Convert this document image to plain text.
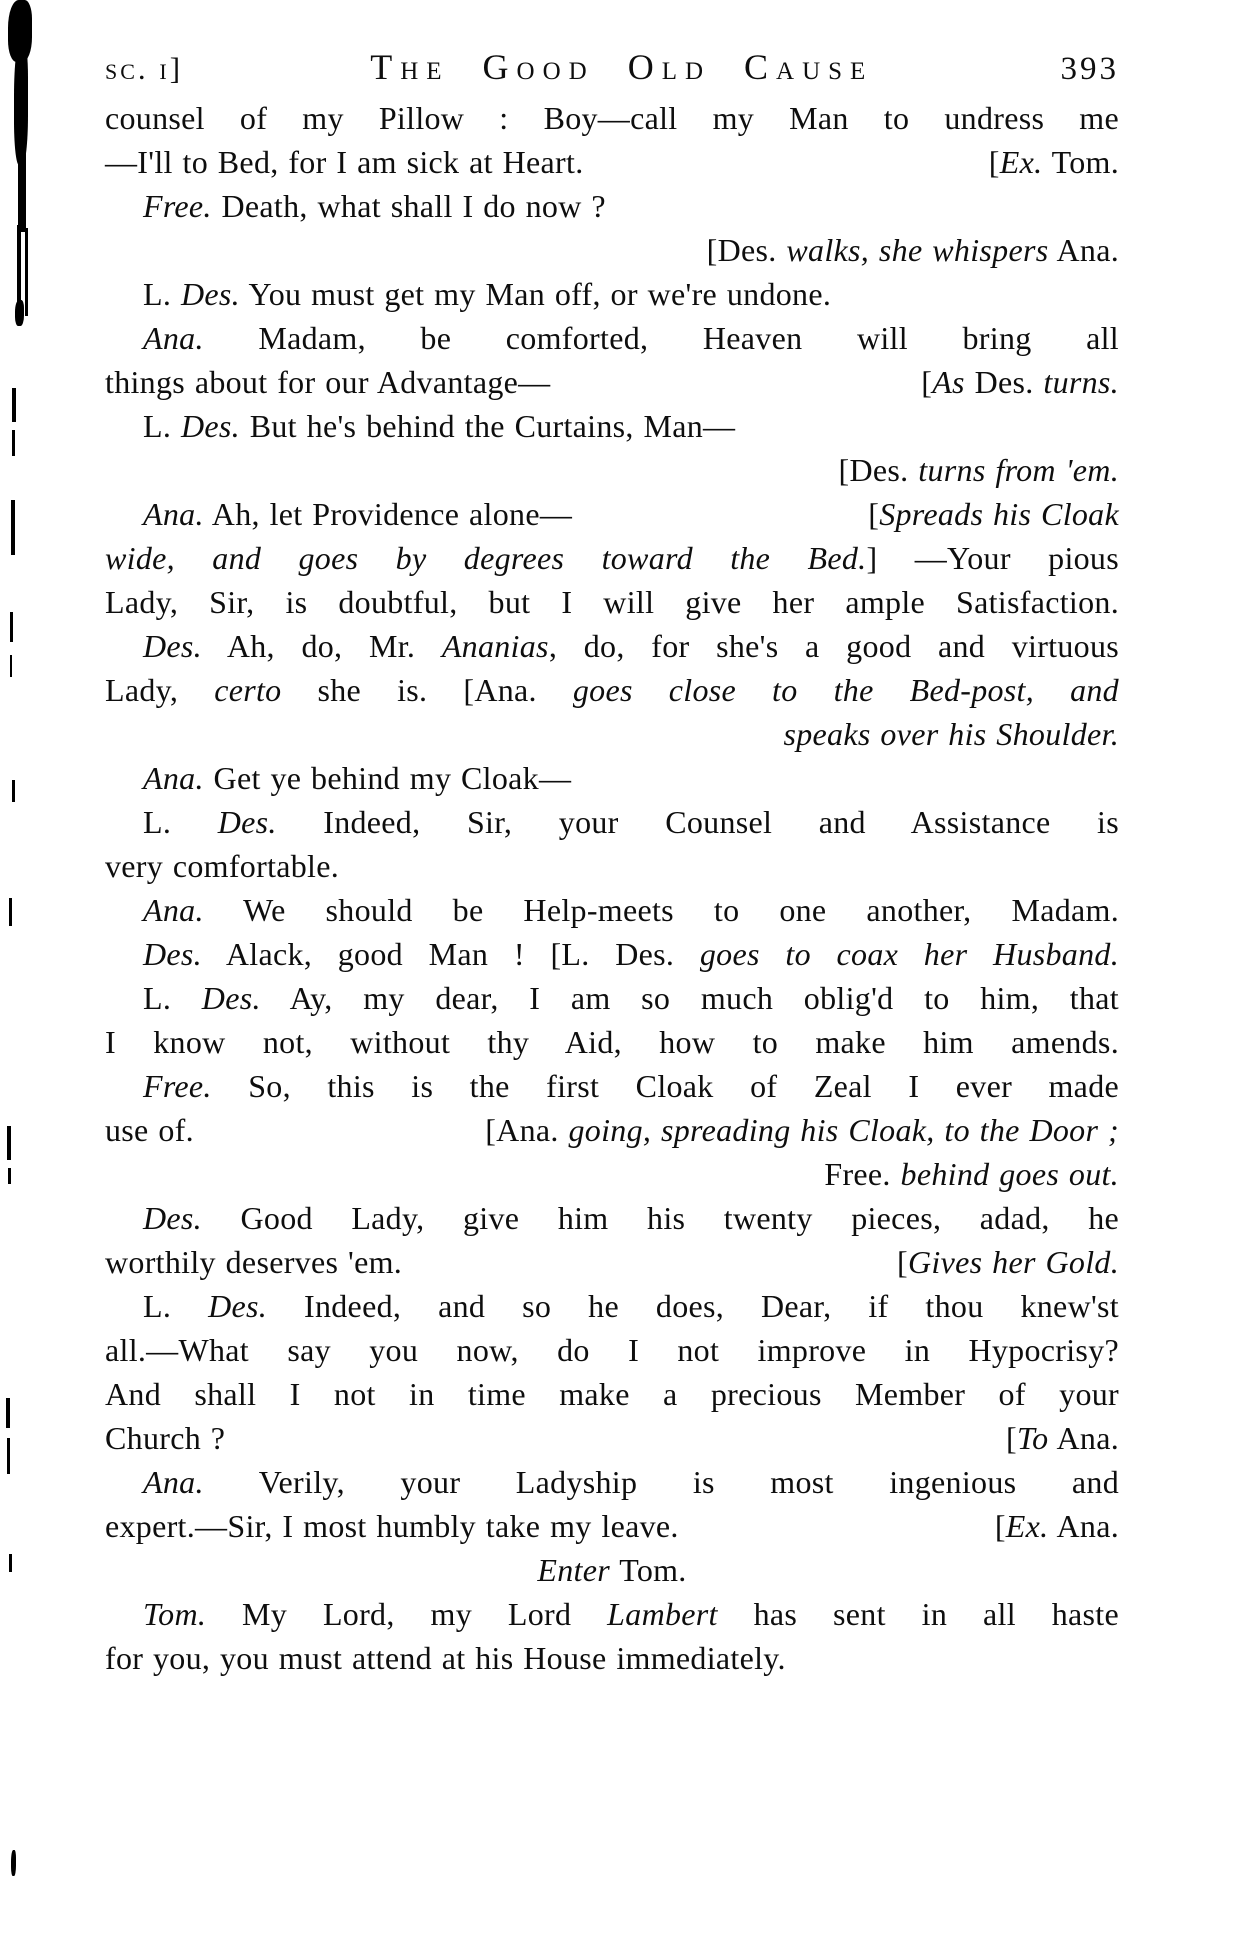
sc. i]	The Good Old Cause	393
counsel of my Pillow : Boy—call my Man to undress me
—I'll to Bed, for I am sick at Heart.	[Ex. Tom.
Free. Death, what shall I do now ?
[Des. walks, she whispers Ana.
L. Des. You must get my Man off, or we're undone.
Ana. Madam, be comforted, Heaven will bring all
things about for our Advantage—	[As Des. turns.
L. Des. But he's behind the Curtains, Man—
[Des. turns from 'em.
Ana. Ah, let Providence alone—	[Spreads his Cloak
wide, and goes by degrees toward the Bed.] —Your pious
Lady, Sir, is doubtful, but I will give her ample Satisfaction.
Des. Ah, do, Mr. Ananias, do, for she's a good and virtuous
Lady, certo she is. [Ana. goes close to the Bed-post, and
speaks over his Shoulder.
Ana. Get ye behind my Cloak—
L. Des. Indeed, Sir, your Counsel and Assistance is
very comfortable.
Ana. We should be Help-meets to one another, Madam.
Des. Alack, good Man ! [L. Des. goes to coax her Husband.
L. Des. Ay, my dear, I am so much oblig'd to him, that
I know not, without thy Aid, how to make him amends.
Free. So, this is the first Cloak of Zeal I ever made
use of.	[Ana. going, spreading his Cloak, to the Door ;
Free. behind goes out.
Des. Good Lady, give him his twenty pieces, adad, he
worthily deserves 'em.	[Gives her Gold.
L. Des. Indeed, and so he does, Dear, if thou knew'st
all.—What say you now, do I not improve in Hypocrisy?
And shall I not in time make a precious Member of your
Church ?	[To Ana.
Ana. Verily, your Ladyship is most ingenious and
expert.—Sir, I most humbly take my leave.	[Ex. Ana.
Enter Tom.
Tom. My Lord, my Lord Lambert has sent in all haste
for you, you must attend at his House immediately.
